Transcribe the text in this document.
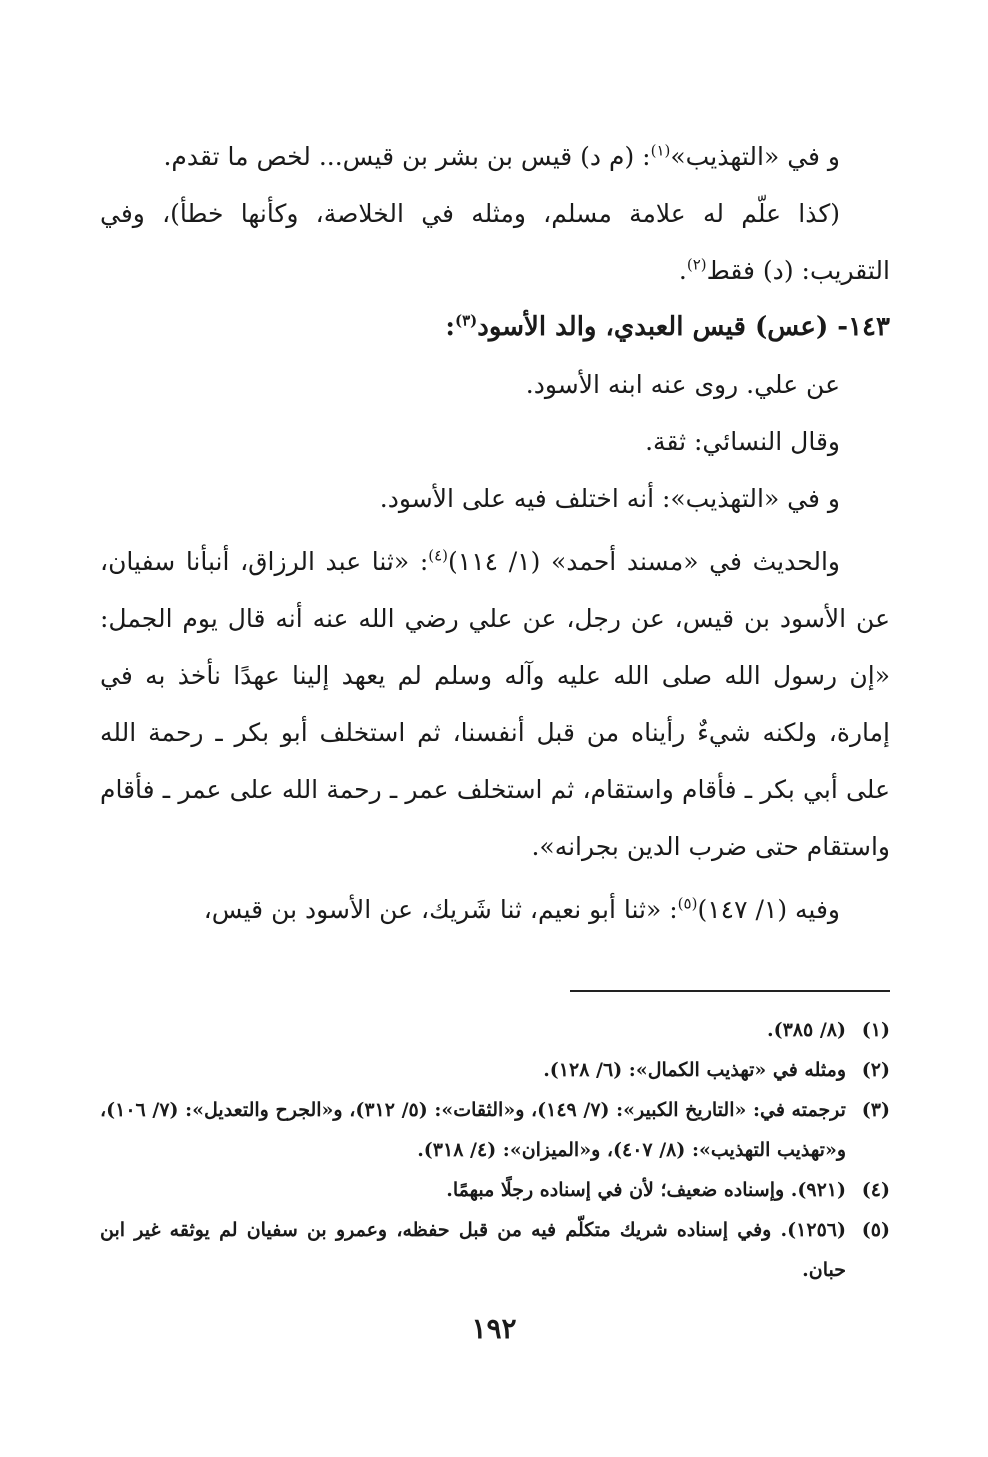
و في «التهذيب»$^{(١)}$: (م د) قيس بن بشر بن قيس... لخص ما تقدم.

(كذا علّم له علامة مسلم، ومثله في الخلاصة، وكأنها خطأ)، وفي التقريب: (د) فقط$^{(٢)}$.

١٤٣- (عس) قيس العبدي، والد الأسود$^{(٣)}$:

عن علي. روى عنه ابنه الأسود.

وقال النسائي: ثقة.

و في «التهذيب»: أنه اختلف فيه على الأسود.

والحديث في «مسند أحمد» (١/ ١١٤)$^{(٤)}$: «ثنا عبد الرزاق، أنبأنا سفيان، عن الأسود بن قيس، عن رجل، عن علي رضي الله عنه أنه قال يوم الجمل: «إن رسول الله صلى الله عليه وآله وسلم لم يعهد إلينا عهدًا نأخذ به في إمارة، ولكنه شيءٌ رأيناه من قبل أنفسنا، ثم استخلف أبو بكر ـ رحمة الله على أبي بكر ـ فأقام واستقام، ثم استخلف عمر ـ رحمة الله على عمر ـ فأقام واستقام حتى ضرب الدين بجرانه».

وفيه (١/ ١٤٧)$^{(٥)}$: «ثنا أبو نعيم، ثنا شَريك، عن الأسود بن قيس،

(١)
(٨/ ٣٨٥).
(٢)
ومثله في «تهذيب الكمال»: (٦/ ١٢٨).
(٣)
ترجمته في: «التاريخ الكبير»: (٧/ ١٤٩)، و«الثقات»: (٥/ ٣١٢)، و«الجرح والتعديل»: (٧/ ١٠٦)، و«تهذيب التهذيب»: (٨/ ٤٠٧)، و«الميزان»: (٤/ ٣١٨).
(٤)
(٩٢١). وإسناده ضعيف؛ لأن في إسناده رجلًا مبهمًا.
(٥)
(١٢٥٦). وفي إسناده شريك متكلّم فيه من قبل حفظه، وعمرو بن سفيان لم يوثقه غير ابن حبان.
١٩٢
